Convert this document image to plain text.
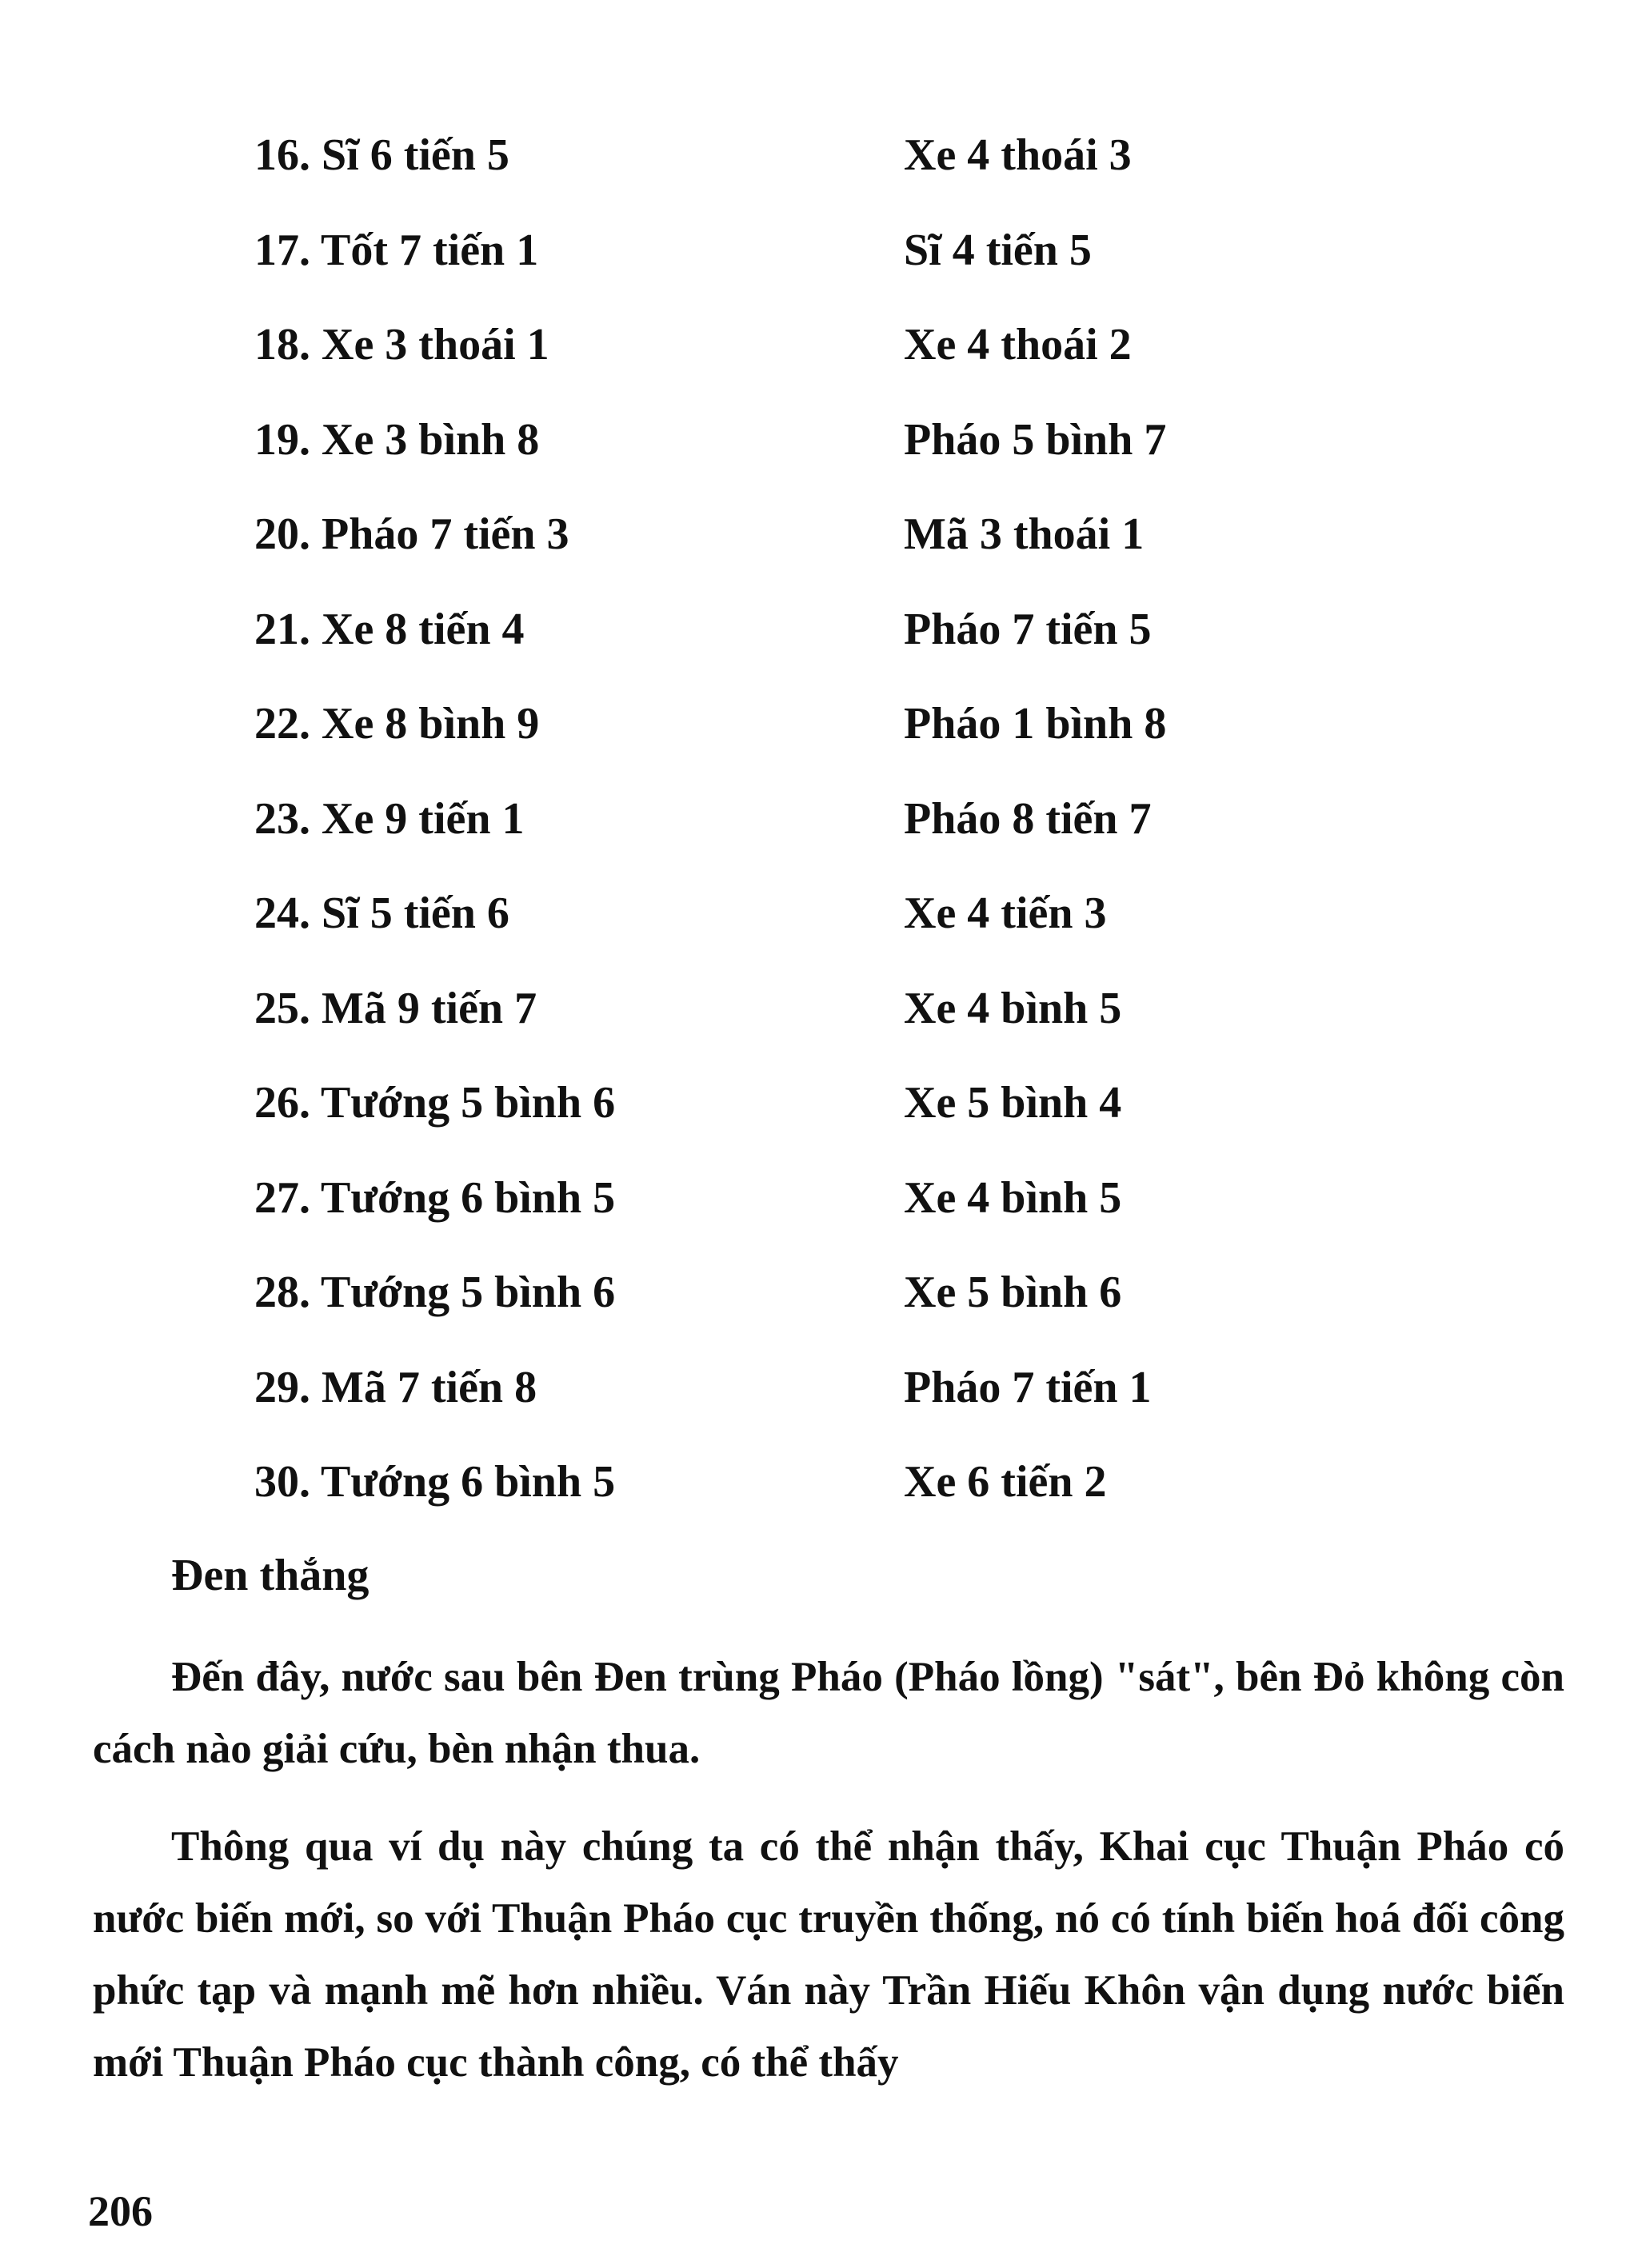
16. Sĩ 6 tiến 5	Xe 4 thoái 3
17. Tốt 7 tiến 1	Sĩ 4 tiến 5
18. Xe 3 thoái 1	Xe 4 thoái 2
19. Xe 3 bình 8	Pháo 5 bình 7
20. Pháo 7 tiến 3	Mã 3 thoái 1
21. Xe 8 tiến 4	Pháo 7 tiến 5
22. Xe 8 bình 9	Pháo 1 bình 8
23. Xe 9 tiến 1	Pháo 8 tiến 7
24. Sĩ 5 tiến 6	Xe 4 tiến 3
25. Mã 9 tiến 7	Xe 4 bình 5
26. Tướng 5 bình 6	Xe 5 bình 4
27. Tướng 6 bình 5	Xe 4 bình 5
28. Tướng 5 bình 6	Xe 5 bình 6
29. Mã 7 tiến 8	Pháo 7 tiến 1
30. Tướng 6 bình 5	Xe 6 tiến 2
Đen thắng

Đến đây, nước sau bên Đen trùng Pháo (Pháo lồng) "sát", bên Đỏ không còn cách nào giải cứu, bèn nhận thua.

Thông qua ví dụ này chúng ta có thể nhận thấy, Khai cục Thuận Pháo có nước biến mới, so với Thuận Pháo cục truyền thống, nó có tính biến hoá đối công phức tạp và mạnh mẽ hơn nhiều. Ván này Trần Hiếu Khôn vận dụng nước biến mới Thuận Pháo cục thành công, có thể thấy

206
